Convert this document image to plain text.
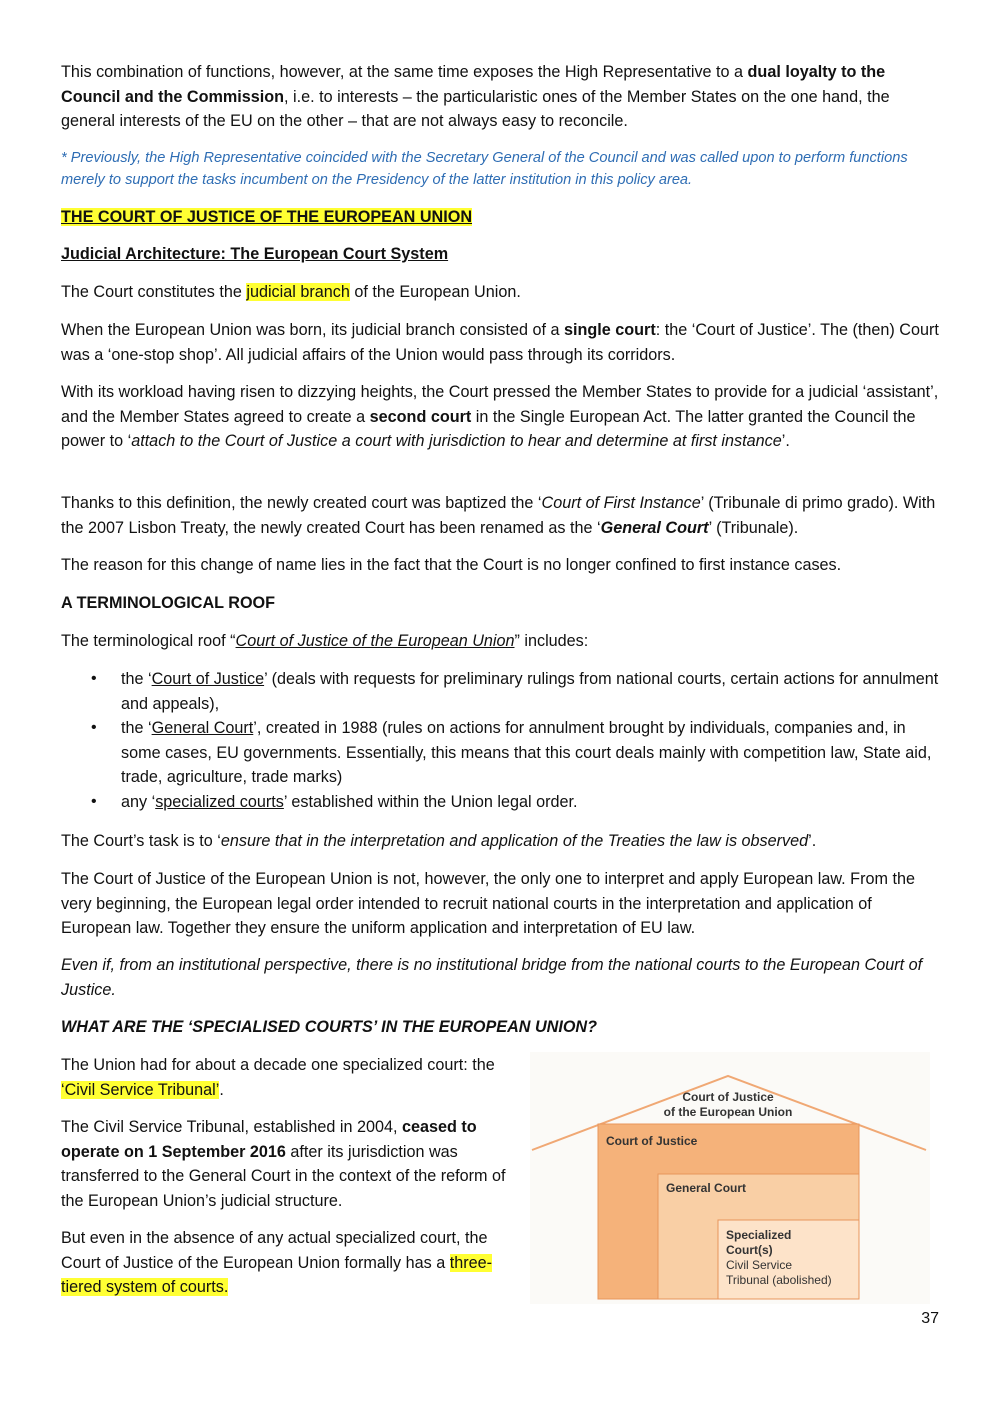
This combination of functions, however, at the same time exposes the High Representative to a dual loyalty to the Council and the Commission, i.e. to interests – the particularistic ones of the Member States on the one hand, the general interests of the EU on the other – that are not always easy to reconcile.

* Previously, the High Representative coincided with the Secretary General of the Council and was called upon to perform functions merely to support the tasks incumbent on the Presidency of the latter institution in this policy area.

THE COURT OF JUSTICE OF THE EUROPEAN UNION

Judicial Architecture: The European Court System

The Court constitutes the judicial branch of the European Union.

When the European Union was born, its judicial branch consisted of a single court: the ‘Court of Justice’. The (then) Court was a ‘one-stop shop’. All judicial affairs of the Union would pass through its corridors.

With its workload having risen to dizzying heights, the Court pressed the Member States to provide for a judicial ‘assistant’, and the Member States agreed to create a second court in the Single European Act. The latter granted the Council the power to ‘attach to the Court of Justice a court with jurisdiction to hear and determine at first instance’.

Thanks to this definition, the newly created court was baptized the ‘Court of First Instance’ (Tribunale di primo grado). With the 2007 Lisbon Treaty, the newly created Court has been renamed as the ‘General Court’ (Tribunale).

The reason for this change of name lies in the fact that the Court is no longer confined to first instance cases.

A TERMINOLOGICAL ROOF

The terminological roof “Court of Justice of the European Union” includes:

• the ‘Court of Justice’ (deals with requests for preliminary rulings from national courts, certain actions for annulment and appeals),
• the ‘General Court’, created in 1988 (rules on actions for annulment brought by individuals, companies and, in some cases, EU governments. Essentially, this means that this court deals mainly with competition law, State aid, trade, agriculture, trade marks)
• any ‘specialized courts’ established within the Union legal order.

The Court’s task is to ‘ensure that in the interpretation and application of the Treaties the law is observed’.

The Court of Justice of the European Union is not, however, the only one to interpret and apply European law. From the very beginning, the European legal order intended to recruit national courts in the interpretation and application of European law. Together they ensure the uniform application and interpretation of EU law.

Even if, from an institutional perspective, there is no institutional bridge from the national courts to the European Court of Justice.

WHAT ARE THE ‘SPECIALISED COURTS’ IN THE EUROPEAN UNION?

The Union had for about a decade one specialized court: the ‘Civil Service Tribunal’.

The Civil Service Tribunal, established in 2004, ceased to operate on 1 September 2016 after its jurisdiction was transferred to the General Court in the context of the reform of the European Union’s judicial structure.

But even in the absence of any actual specialized court, the Court of Justice of the European Union formally has a three-tiered system of courts.

Court of Justice
of the European Union
Court of Justice
General Court
Specialized
Court(s)
Civil Service
Tribunal (abolished)
37
